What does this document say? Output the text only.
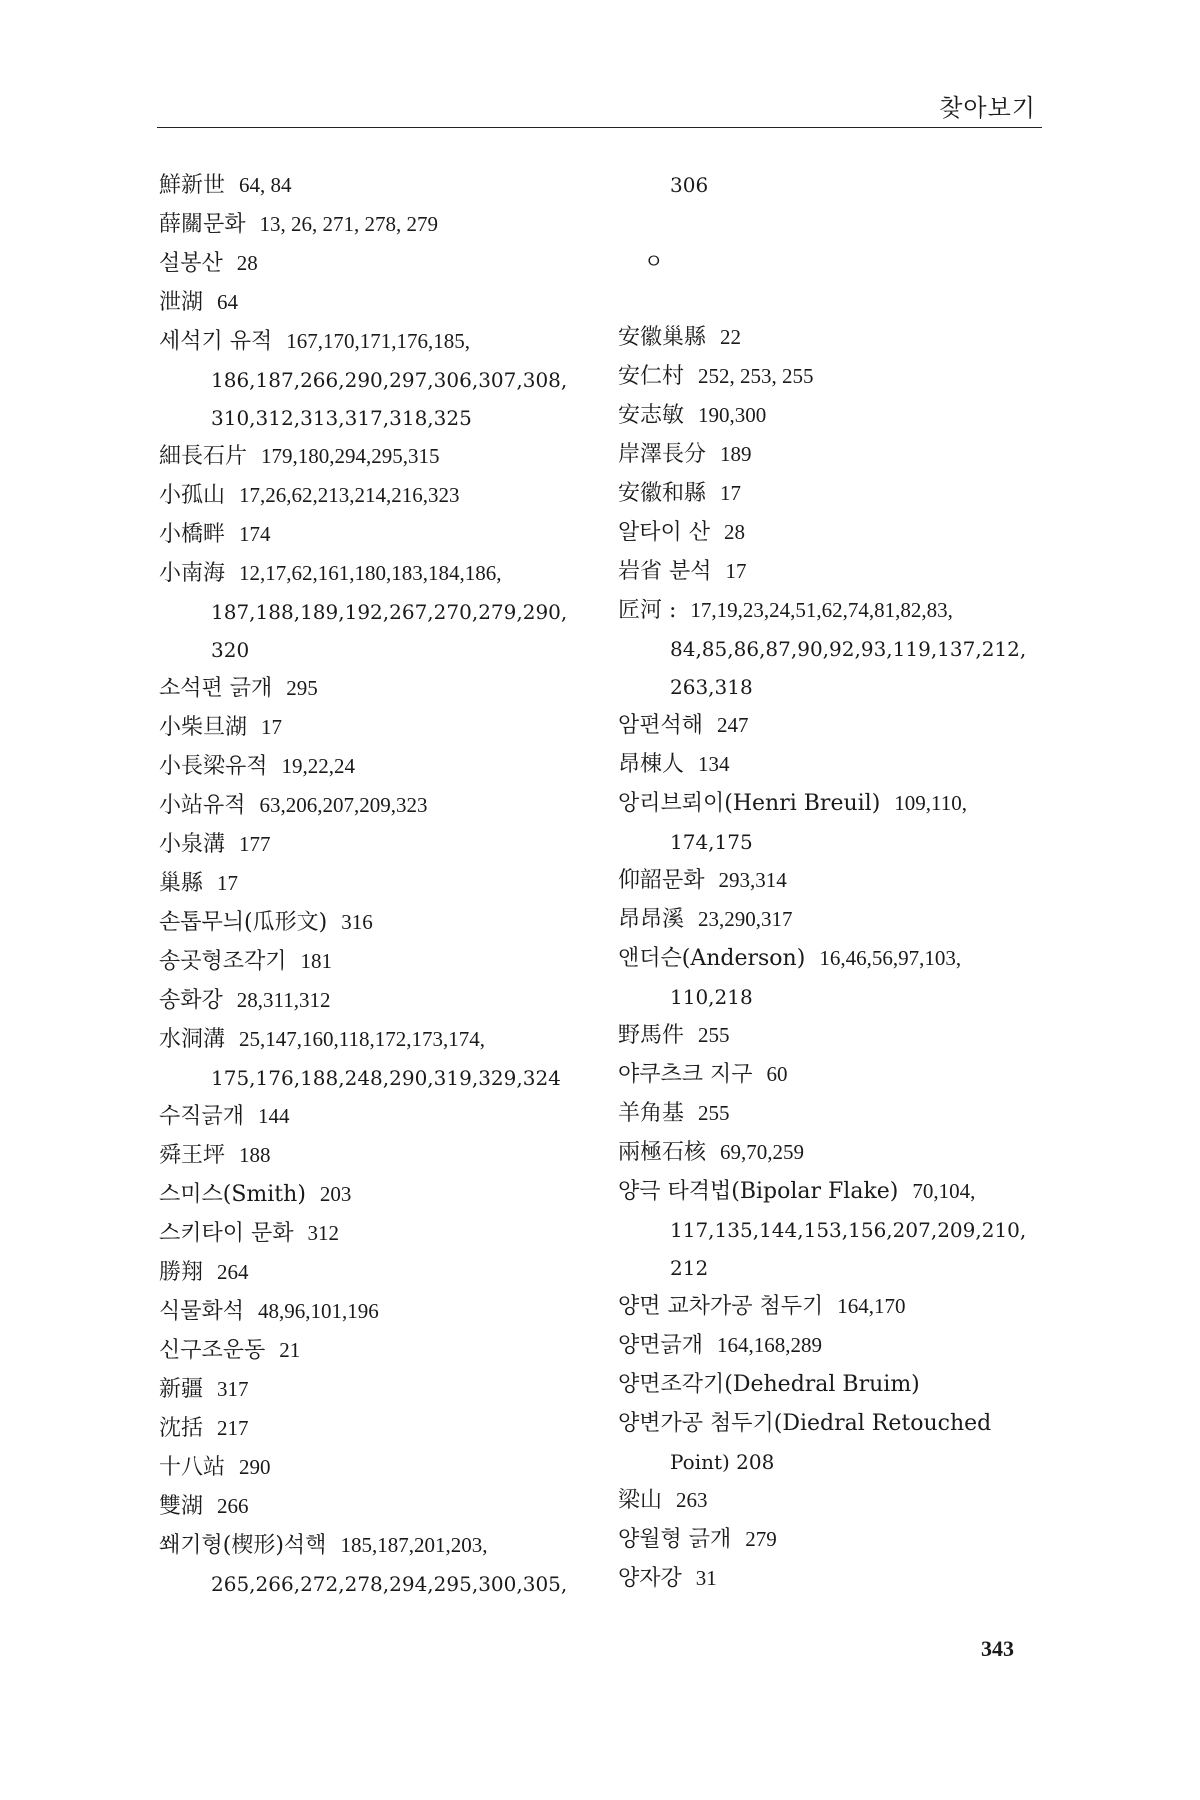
찾아보기
鮮新世 64, 84
薛關문화 13, 26, 271, 278, 279
설봉산 28
泄湖 64
세석기 유적 167,170,171,176,185,
186,187,266,290,297,306,307,308,
310,312,313,317,318,325
細長石片 179,180,294,295,315
小孤山 17,26,62,213,214,216,323
小橋畔 174
小南海 12,17,62,161,180,183,184,186,
187,188,189,192,267,270,279,290,
320
소석편 긁개 295
小柴旦湖 17
小長梁유적 19,22,24
小站유적 63,206,207,209,323
小泉溝 177
巢縣 17
손톱무늬(瓜形文) 316
송곳형조각기 181
송화강 28,311,312
水洞溝 25,147,160,118,172,173,174,
175,176,188,248,290,319,329,324
수직긁개 144
舜王坪 188
스미스(Smith) 203
스키타이 문화 312
勝翔 264
식물화석 48,96,101,196
신구조운동 21
新疆 317
沈括 217
十八站 290
雙湖 266
쐐기형(楔形)석핵 185,187,201,203,
265,266,272,278,294,295,300,305,
306
ㅇ
安徽巢縣 22
安仁村 252, 253, 255
安志敏 190,300
岸澤長分 189
安徽和縣 17
알타이 산 28
岩省 분석 17
匠河 : 17,19,23,24,51,62,74,81,82,83,
84,85,86,87,90,92,93,119,137,212,
263,318
암편석해 247
昂棟人 134
앙리브뢰이(Henri Breuil) 109,110,
174,175
仰韶문화 293,314
昂昂溪 23,290,317
앤더슨(Anderson) 16,46,56,97,103,
110,218
野馬件 255
야쿠츠크 지구 60
羊角基 255
兩極石核 69,70,259
양극 타격법(Bipolar Flake) 70,104,
117,135,144,153,156,207,209,210,
212
양면 교차가공 첨두기 164,170
양면긁개 164,168,289
양면조각기(Dehedral Bruim)
양변가공 첨두기(Diedral Retouched
Point) 208
梁山 263
양월형 긁개 279
양자강 31
343
